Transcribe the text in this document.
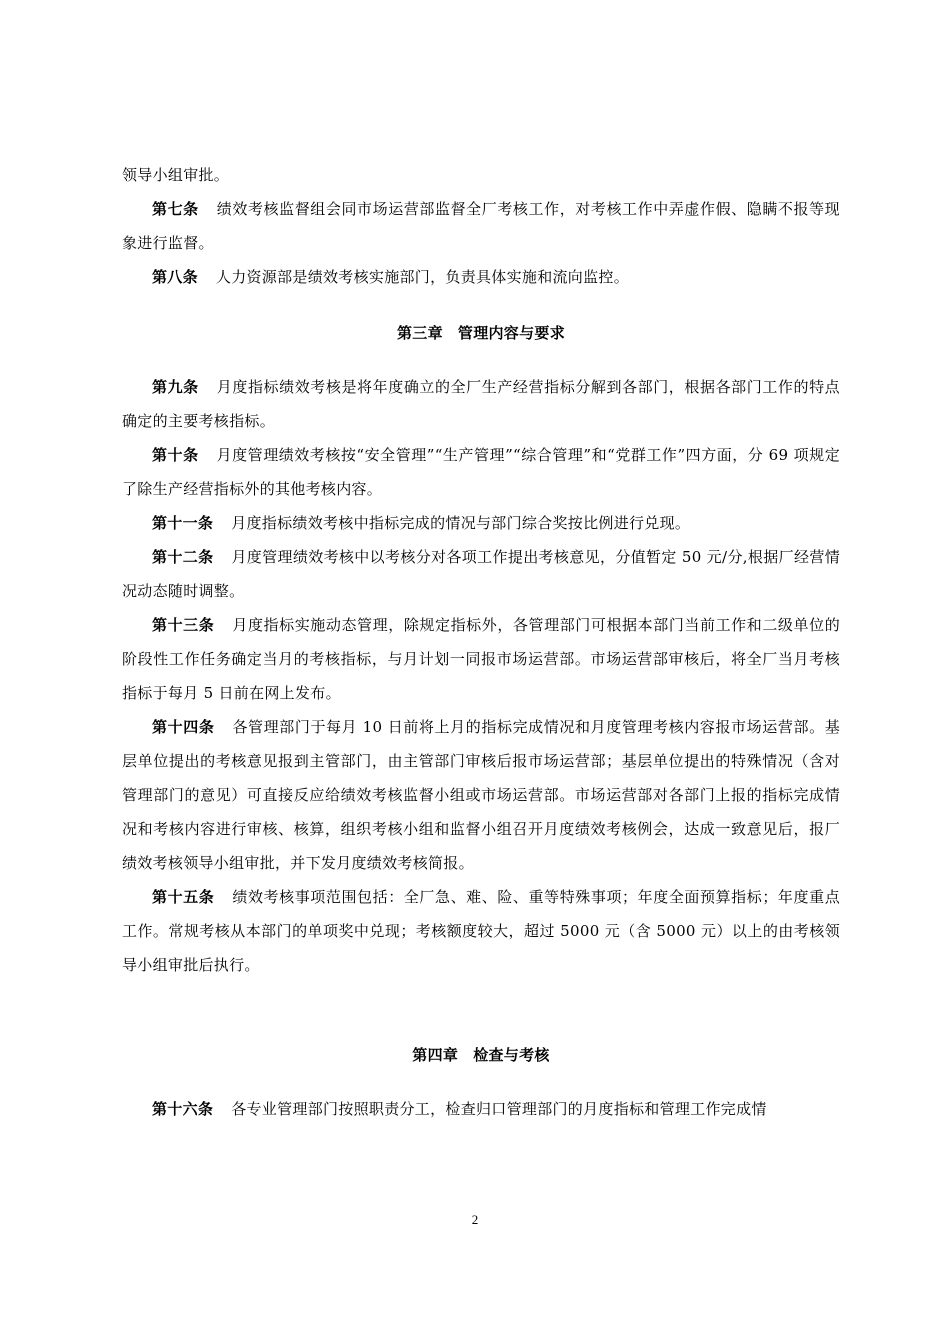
领导小组审批。

第七条 绩效考核监督组会同市场运营部监督全厂考核工作，对考核工作中弄虚作假、隐瞒不报等现象进行监督。

第八条 人力资源部是绩效考核实施部门，负责具体实施和流向监控。

第三章 管理内容与要求

第九条 月度指标绩效考核是将年度确立的全厂生产经营指标分解到各部门，根据各部门工作的特点确定的主要考核指标。

第十条 月度管理绩效考核按“安全管理”“生产管理”“综合管理”和“党群工作”四方面，分 69 项规定了除生产经营指标外的其他考核内容。

第十一条 月度指标绩效考核中指标完成的情况与部门综合奖按比例进行兑现。

第十二条 月度管理绩效考核中以考核分对各项工作提出考核意见，分值暂定 50 元/分,根据厂经营情况动态随时调整。

第十三条 月度指标实施动态管理，除规定指标外，各管理部门可根据本部门当前工作和二级单位的阶段性工作任务确定当月的考核指标，与月计划一同报市场运营部。市场运营部审核后，将全厂当月考核指标于每月 5 日前在网上发布。

第十四条 各管理部门于每月 10 日前将上月的指标完成情况和月度管理考核内容报市场运营部。基层单位提出的考核意见报到主管部门，由主管部门审核后报市场运营部；基层单位提出的特殊情况（含对管理部门的意见）可直接反应给绩效考核监督小组或市场运营部。市场运营部对各部门上报的指标完成情况和考核内容进行审核、核算，组织考核小组和监督小组召开月度绩效考核例会，达成一致意见后，报厂绩效考核领导小组审批，并下发月度绩效考核简报。

第十五条 绩效考核事项范围包括：全厂急、难、险、重等特殊事项；年度全面预算指标；年度重点工作。常规考核从本部门的单项奖中兑现；考核额度较大，超过 5000 元（含 5000 元）以上的由考核领导小组审批后执行。

第四章 检查与考核

第十六条 各专业管理部门按照职责分工，检查归口管理部门的月度指标和管理工作完成情

2
